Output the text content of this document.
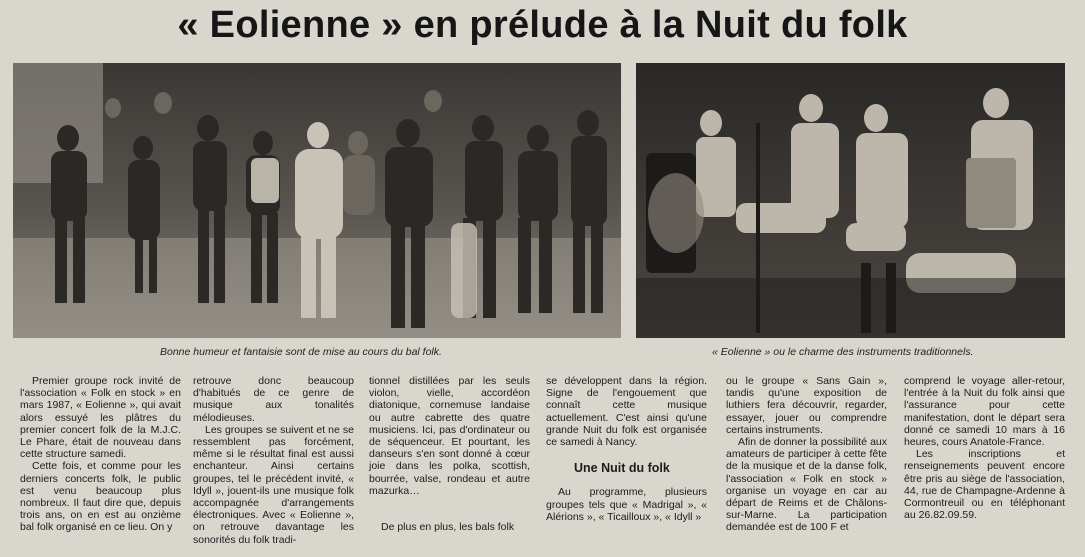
« Eolienne » en prélude à la Nuit du folk
Bonne humeur et fantaisie sont de mise au cours du bal folk.	« Eolienne » ou le charme des instruments traditionnels.

Premier groupe rock invité de l'association « Folk en stock » en mars 1987, « Eolienne », qui avait alors essuyé les plâtres du premier concert folk de la M.J.C. Le Phare, était de nouveau dans cette structure samedi.

Cette fois, et comme pour les derniers concerts folk, le public est venu beaucoup plus nombreux. Il faut dire que, depuis trois ans, on en est au onzième bal folk organisé en ce lieu. On y

retrouve donc beaucoup d'habitués de ce genre de musique aux tonalités mélodieuses.

Les groupes se suivent et ne se ressemblent pas forcément, même si le résultat final est aussi enchanteur. Ainsi certains groupes, tel le précédent invité, « Idyll », jouent-ils une musique folk accompagnée d'arrangements électroniques. Avec « Eolienne », on retrouve davantage les sonorités du folk tradi-

tionnel distillées par les seuls violon, vielle, accordéon diatonique, cornemuse landaise ou autre cabrette des quatre musiciens. Ici, pas d'ordinateur ou de séquenceur. Et pourtant, les danseurs s'en sont donné à cœur joie dans les polka, scottish, bourrée, valse, rondeau et autre mazurka…

De plus en plus, les bals folk

se développent dans la région. Signe de l'engouement que connaît cette musique actuellement. C'est ainsi qu'une grande Nuit du folk est organisée ce samedi à Nancy.

Une Nuit du folk

Au programme, plusieurs groupes tels que « Madrigal », « Alérions », « Ticailloux », « Idyll »

ou le groupe « Sans Gain », tandis qu'une exposition de luthiers fera découvrir, regarder, essayer, jouer ou comprendre certains instruments.

Afin de donner la possibilité aux amateurs de participer à cette fête de la musique et de la danse folk, l'association « Folk en stock » organise un voyage en car au départ de Reims et de Châlons-sur-Marne. La participation demandée est de 100 F et

comprend le voyage aller-retour, l'entrée à la Nuit du folk ainsi que l'assurance pour cette manifestation, dont le départ sera donné ce samedi 10 mars à 16 heures, cours Anatole-France.

Les inscriptions et renseignements peuvent encore être pris au siège de l'association, 44, rue de Champagne-Ardenne à Cormontreuil ou en téléphonant au 26.82.09.59.
